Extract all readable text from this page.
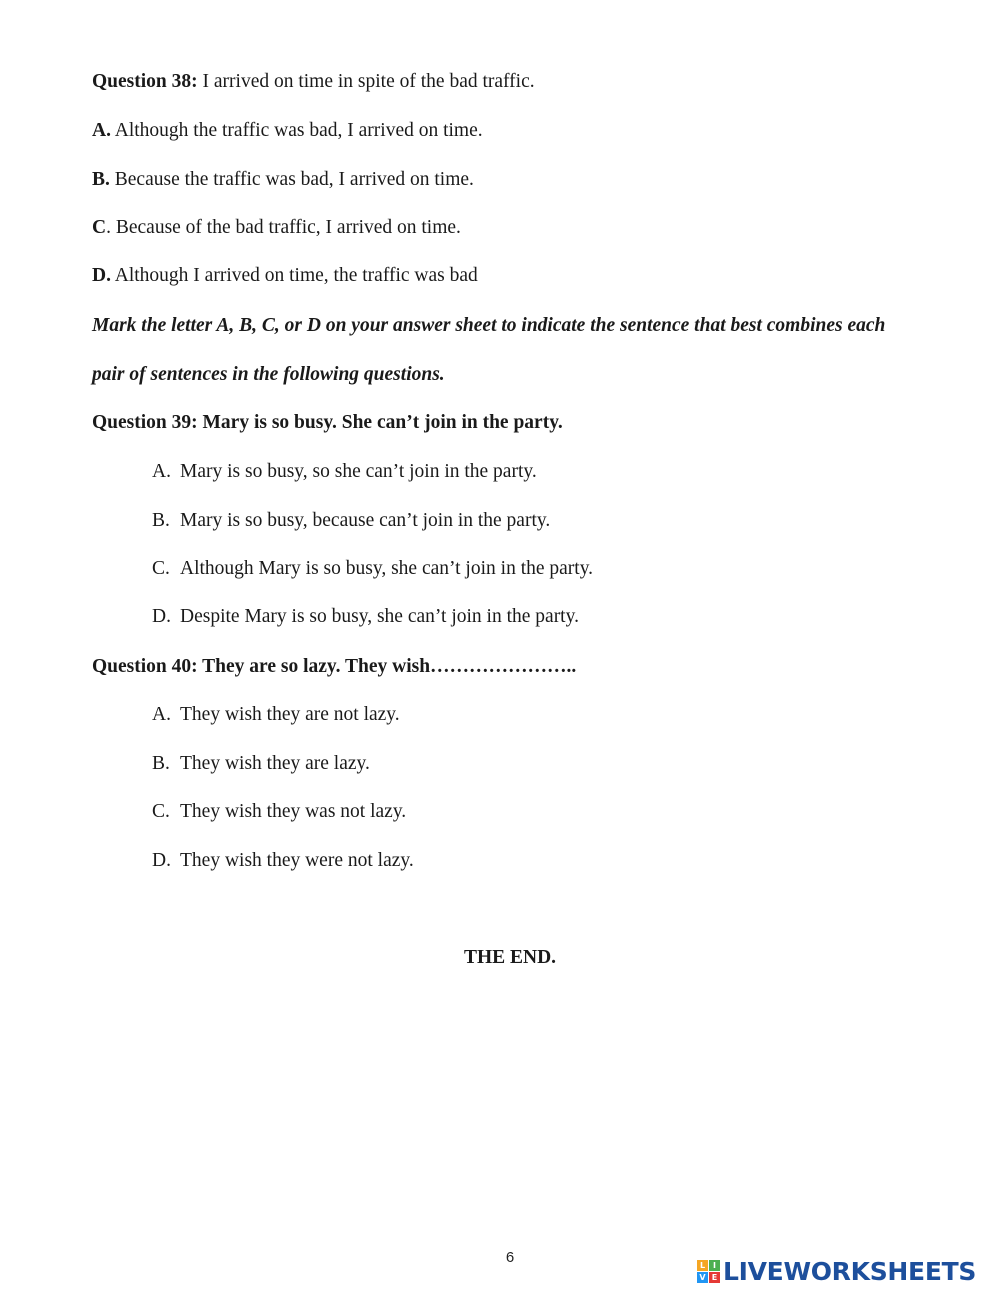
Question 38: I arrived on time in spite of the bad traffic.
A. Although the traffic was bad, I arrived on time.
B. Because the traffic was bad, I arrived on time.
C. Because of the bad traffic, I arrived on time.
D. Although I arrived on time, the traffic was bad
Mark the letter A, B, C, or D on your answer sheet to indicate the sentence that best combines each
pair of sentences in the following questions.
Question 39: Mary is so busy. She can’t join in the party.
A. Mary is so busy, so she can’t join in the party.
B. Mary is so busy, because can’t join in the party.
C. Although Mary is so busy, she can’t join in the party.
D. Despite Mary is so busy, she can’t join in the party.
Question 40: They are so lazy. They wish…………………..
A. They wish they are not lazy.
B. They wish they are lazy.
C. They wish they was not lazy.
D. They wish they were not lazy.
THE END.
6	L I
V E LIVEWORKSHEETS
